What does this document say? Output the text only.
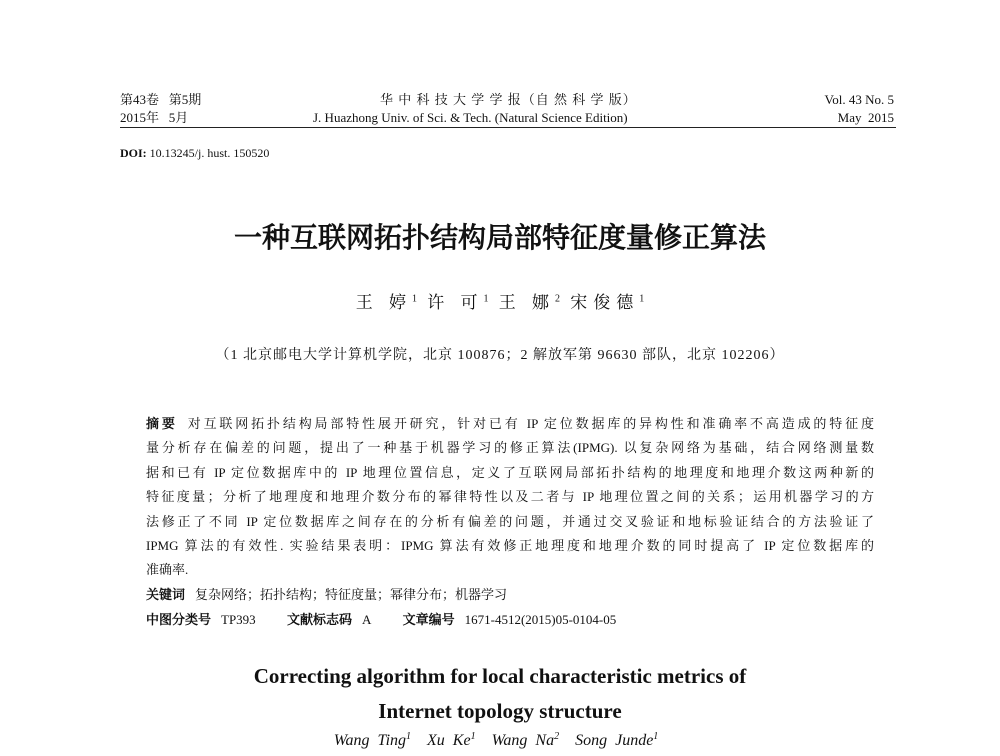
第43卷 第5期
2015年 5月
华 中 科 技 大 学 学 报（自 然 科 学 版）
J. Huazhong Univ. of Sci. & Tech. (Natural Science Edition)
Vol. 43 No. 5
May  2015
DOI: 10.13245/j. hust. 150520
一种互联网拓扑结构局部特征度量修正算法
王 婷$^1$ 许 可$^1$ 王 娜$^2$ 宋俊德$^1$
（1 北京邮电大学计算机学院，北京 100876；2 解放军第 96630 部队，北京 102206）
摘要 对互联网拓扑结构局部特性展开研究，针对已有 IP 定位数据库的异构性和准确率不高造成的特征度
量分析存在偏差的问题，提出了一种基于机器学习的修正算法(IPMG). 以复杂网络为基础，结合网络测量数
据和已有 IP 定位数据库中的 IP 地理位置信息，定义了互联网局部拓扑结构的地理度和地理介数这两种新的
特征度量；分析了地理度和地理介数分布的幂律特性以及二者与 IP 地理位置之间的关系；运用机器学习的方
法修正了不同 IP 定位数据库之间存在的分析有偏差的问题，并通过交叉验证和地标验证结合的方法验证了
IPMG 算法的有效性. 实验结果表明：IPMG 算法有效修正地理度和地理介数的同时提高了 IP 定位数据库的
准确率.
关键词 复杂网络；拓扑结构；特征度量；幂律分布；机器学习
中图分类号 TP393 文献标志码 A 文章编号 1671-4512(2015)05-0104-05
Correcting algorithm for local characteristic metrics of
Internet topology structure
Wang Ting$^1$ Xu Ke$^1$ Wang Na$^2$ Song Junde$^1$
